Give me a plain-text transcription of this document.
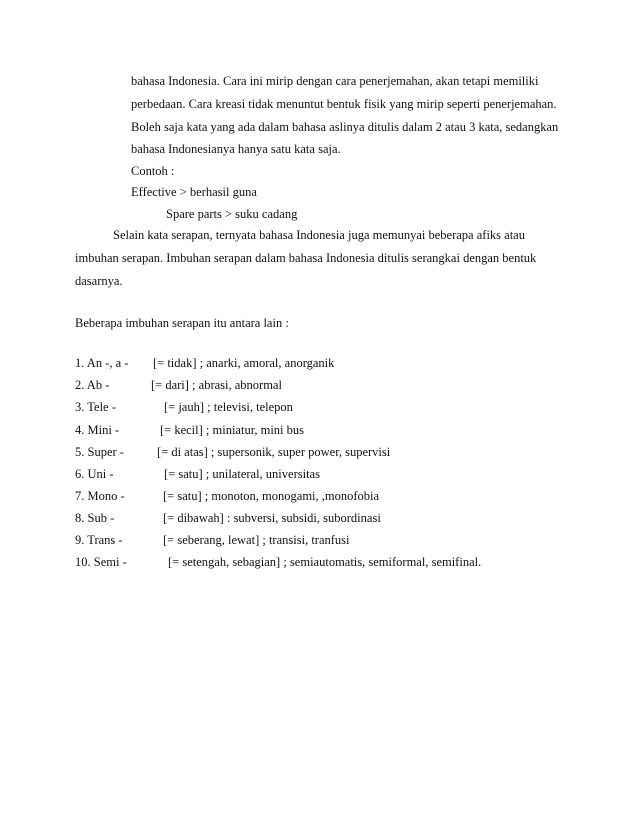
bahasa Indonesia. Cara ini mirip dengan cara penerjemahan, akan tetapi memiliki
perbedaan. Cara kreasi tidak menuntut bentuk fisik yang mirip seperti penerjemahan.
Boleh saja kata yang ada dalam bahasa aslinya ditulis dalam 2 atau 3 kata, sedangkan
bahasa Indonesianya hanya satu kata saja.
Contoh :
Effective > berhasil guna
Spare parts > suku cadang
Selain kata serapan, ternyata bahasa Indonesia juga memunyai beberapa afiks atau
imbuhan serapan. Imbuhan serapan dalam bahasa Indonesia ditulis serangkai dengan bentuk
dasarnya.
Beberapa imbuhan serapan itu antara lain :
1. An -, a - [= tidak] ; anarki, amoral, anorganik
2. Ab -	[= dari] ; abrasi, abnormal
3. Tele -	[= jauh] ; televisi, telepon
4. Mini -	[= kecil] ; miniatur, mini bus
5. Super -	[= di atas] ; supersonik, super power, supervisi
6. Uni -	[= satu] ; unilateral, universitas
7. Mono -	[= satu] ; monoton, monogami, ,monofobia
8. Sub -	[= dibawah] : subversi, subsidi, subordinasi
9. Trans -	[= seberang, lewat] ; transisi, tranfusi
10. Semi -	[= setengah, sebagian] ; semiautomatis, semiformal, semifinal.
